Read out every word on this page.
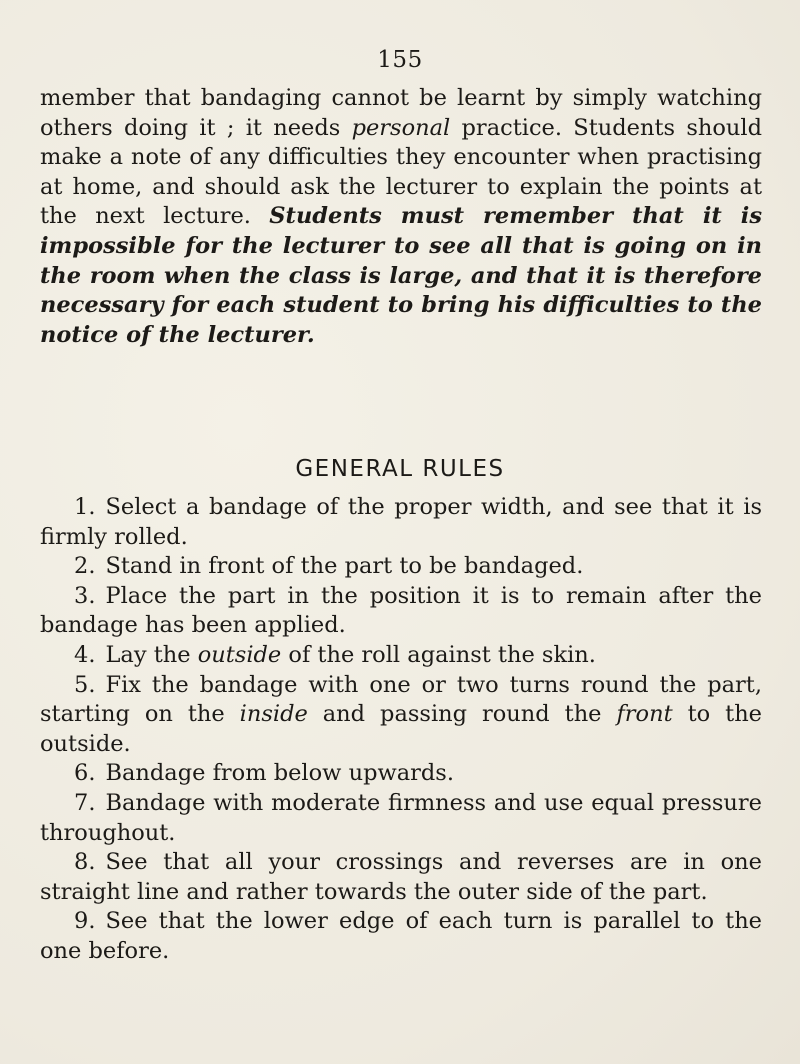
155

member that bandaging cannot be learnt by simply watching others doing it ; it needs personal practice. Students should make a note of any difficulties they encounter when practising at home, and should ask the lecturer to explain the points at the next lecture. Students must remember that it is impossible for the lecturer to see all that is going on in the room when the class is large, and that it is therefore necessary for each student to bring his difficulties to the notice of the lecturer.

GENERAL RULES
1. Select a bandage of the proper width, and see that it is firmly rolled.
2. Stand in front of the part to be bandaged.
3. Place the part in the position it is to remain after the bandage has been applied.
4. Lay the outside of the roll against the skin.
5. Fix the bandage with one or two turns round the part, starting on the inside and passing round the front to the outside.
6. Bandage from below upwards.
7. Bandage with moderate firmness and use equal pressure throughout.
8. See that all your crossings and reverses are in one straight line and rather towards the outer side of the part.
9. See that the lower edge of each turn is parallel to the one before.
